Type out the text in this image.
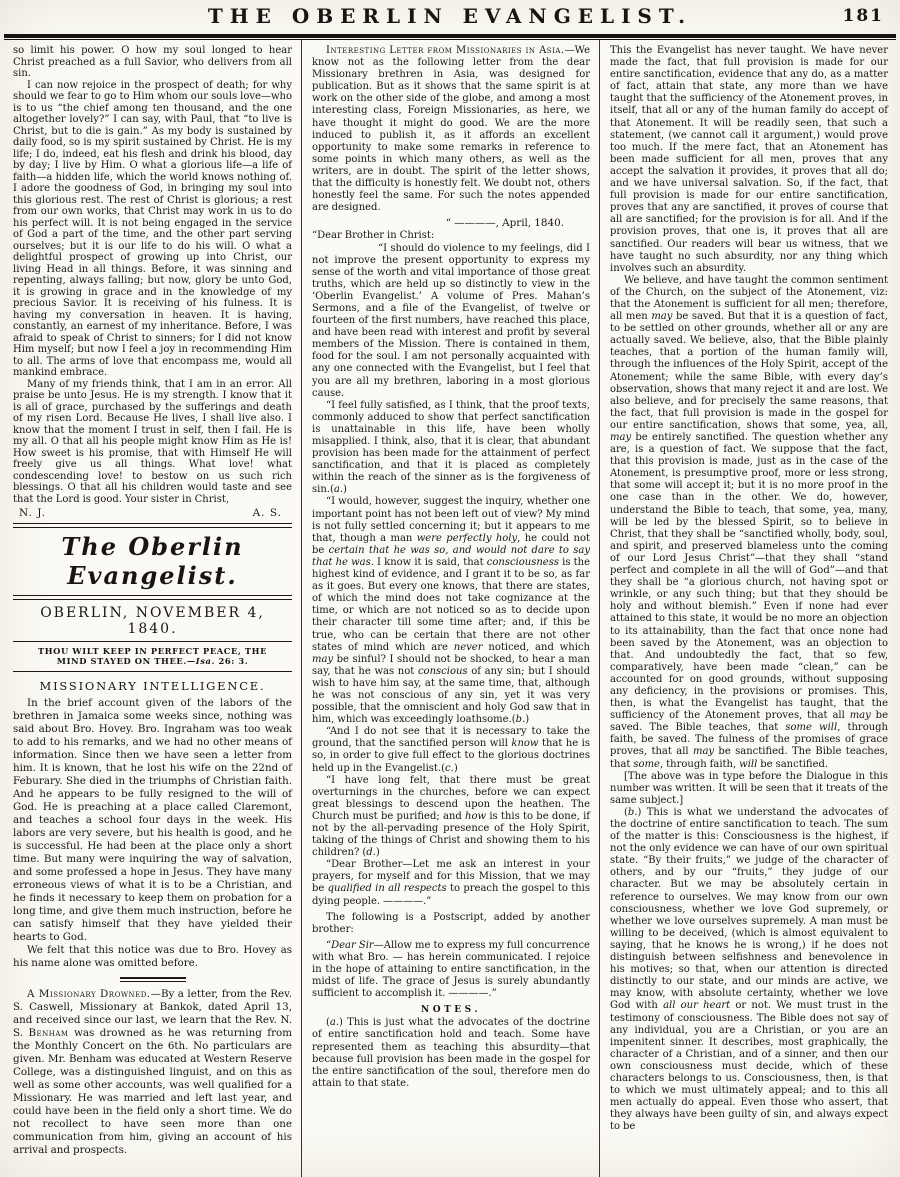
THE OBERLIN EVANGELIST.	181

so limit his power. O how my soul longed to hear Christ preached as a full Savior, who delivers from all sin.

I can now rejoice in the prospect of death; for why should we fear to go to Him whom our souls love—who is to us “the chief among ten thousand, and the one altogether lovely?” I can say, with Paul, that “to live is Christ, but to die is gain.” As my body is sustained by daily food, so is my spirit sustained by Christ. He is my life; I do, indeed, eat his flesh and drink his blood, day by day; I live by Him. O what a glorious life—a life of faith—a hidden life, which the world knows nothing of. I adore the goodness of God, in bringing my soul into this glorious rest. The rest of Christ is glorious; a rest from our own works, that Christ may work in us to do his perfect will. It is not being engaged in the service of God a part of the time, and the other part serving ourselves; but it is our life to do his will. O what a delightful prospect of growing up into Christ, our living Head in all things. Before, it was sinning and repenting, always falling; but now, glory be unto God, it is growing in grace and in the knowledge of my precious Savior. It is receiving of his fulness. It is having my conversation in heaven. It is having, constantly, an earnest of my inheritance. Before, I was afraid to speak of Christ to sinners; for I did not know Him myself; but now I feel a joy in recommending Him to all. The arms of love that encompass me, would all mankind embrace.

Many of my friends think, that I am in an error. All praise be unto Jesus. He is my strength. I know that it is all of grace, purchased by the sufferings and death of my risen Lord. Because He lives, I shall live also. I know that the moment I trust in self, then I fail. He is my all. O that all his people might know Him as He is! How sweet is his promise, that with Himself He will freely give us all things. What love! what condescending love! to bestow on us such rich blessings. O that all his children would taste and see that the Lord is good. Your sister in Christ,

N. J.	A. S.
The Oberlin Evangelist.
OBERLIN, NOVEMBER 4, 1840.
THOU WILT KEEP IN PERFECT PEACE, THE MIND STAYED ON THEE.—Isa. 26: 3.
MISSIONARY INTELLIGENCE.

In the brief account given of the labors of the brethren in Jamaica some weeks since, nothing was said about Bro. Hovey. Bro. Ingraham was too weak to add to his remarks, and we had no other means of information. Since then we have seen a letter from him. It is known, that he lost his wife on the 22nd of Feburary. She died in the triumphs of Christian faith. And he appears to be fully resigned to the will of God. He is preaching at a place called Claremont, and teaches a school four days in the week. His labors are very severe, but his health is good, and he is successful. He had been at the place only a short time. But many were inquiring the way of salvation, and some professed a hope in Jesus. They have many erroneous views of what it is to be a Christian, and he finds it necessary to keep them on probation for a long time, and give them much instruction, before he can satisfy himself that they have yielded their hearts to God.

We felt that this notice was due to Bro. Hovey as his name alone was omitted before.

A Missionary Drowned.—By a letter, from the Rev. S. Caswell, Missionary at Bankok, dated April 13, and received since our last, we learn that the Rev. N. S. Benham was drowned as he was returning from the Monthly Concert on the 6th. No particulars are given. Mr. Benham was educated at Western Reserve College, was a distinguished linguist, and on this as well as some other accounts, was well qualified for a Missionary. He was married and left last year, and could have been in the field only a short time. We do not recollect to have seen more than one communication from him, giving an account of his arrival and prospects.

Interesting Letter from Missionaries in Asia.—We know not as the following letter from the dear Missionary brethren in Asia, was designed for publication. But as it shows that the same spirit is at work on the other side of the globe, and among a most interesting class, Foreign Missionaries, as here, we have thought it might do good. We are the more induced to publish it, as it affords an excellent opportunity to make some remarks in reference to some points in which many others, as well as the writers, are in doubt. The spirit of the letter shows, that the difficulty is honestly felt. We doubt not, others honestly feel the same. For such the notes appended are designed.

“ ————, April, 1840.

“Dear Brother in Christ:

“I should do violence to my feelings, did I not improve the present opportunity to express my sense of the worth and vital importance of those great truths, which are held up so distinctly to view in the ‘Oberlin Evangelist.’ A volume of Pres. Mahan’s Sermons, and a file of the Evangelist, of twelve or fourteen of the first numbers, have reached this place, and have been read with interest and profit by several members of the Mission. There is contained in them, food for the soul. I am not personally acquainted with any one connected with the Evangelist, but I feel that you are all my brethren, laboring in a most glorious cause.

“I feel fully satisfied, as I think, that the proof texts, commonly adduced to show that perfect sanctification is unattainable in this life, have been wholly misapplied. I think, also, that it is clear, that abundant provision has been made for the attainment of perfect sanctification, and that it is placed as completely within the reach of the sinner as is the forgiveness of sin.(a.)

“I would, however, suggest the inquiry, whether one important point has not been left out of view? My mind is not fully settled concerning it; but it appears to me that, though a man were perfectly holy, he could not be certain that he was so, and would not dare to say that he was. I know it is said, that consciousness is the highest kind of evidence, and I grant it to be so, as far as it goes. But every one knows, that there are states, of which the mind does not take cognizance at the time, or which are not noticed so as to decide upon their character till some time after; and, if this be true, who can be certain that there are not other states of mind which are never noticed, and which may be sinful? I should not be shocked, to hear a man say, that he was not conscious of any sin; but I should wish to have him say, at the same time, that, although he was not conscious of any sin, yet it was very possible, that the omniscient and holy God saw that in him, which was exceedingly loathsome.(b.)

“And I do not see that it is necessary to take the ground, that the sanctified person will know that he is so, in order to give full effect to the glorious doctrines held up in the Evangelist.(c.)

“I have long felt, that there must be great overturnings in the churches, before we can expect great blessings to descend upon the heathen. The Church must be purified; and how is this to be done, if not by the all-pervading presence of the Holy Spirit, taking of the things of Christ and showing them to his children? (d.)

“Dear Brother—Let me ask an interest in your prayers, for myself and for this Mission, that we may be qualified in all respects to preach the gospel to this dying people. ————.”

The following is a Postscript, added by another brother:

“Dear Sir—Allow me to express my full concurrence with what Bro. — has herein communicated. I rejoice in the hope of attaining to entire sanctification, in the midst of life. The grace of Jesus is surely abundantly sufficient to accomplish it. ————.”

NOTES.

(a.) This is just what the advocates of the doctrine of entire sanctification hold and teach. Some have represented them as teaching this absurdity—that because full provision has been made in the gospel for the entire sanctification of the soul, therefore men do attain to that state.

This the Evangelist has never taught. We have never made the fact, that full provision is made for our entire sanctification, evidence that any do, as a matter of fact, attain that state, any more than we have taught that the sufficiency of the Atonement proves, in itself, that all or any of the human family do accept of that Atonement. It will be readily seen, that such a statement, (we cannot call it argument,) would prove too much. If the mere fact, that an Atonement has been made sufficient for all men, proves that any accept the salvation it provides, it proves that all do; and we have universal salvation. So, if the fact, that full provision is made for our entire sanctification, proves that any are sanctified, it proves of course that all are sanctified; for the provision is for all. And if the provision proves, that one is, it proves that all are sanctified. Our readers will bear us witness, that we have taught no such absurdity, nor any thing which involves such an absurdity.

We believe, and have taught the common sentiment of the Church, on the subject of the Atonement, viz: that the Atonement is sufficient for all men; therefore, all men may be saved. But that it is a question of fact, to be settled on other grounds, whether all or any are actually saved. We believe, also, that the Bible plainly teaches, that a portion of the human family will, through the influences of the Holy Spirit, accept of the Atonement; while the same Bible, with every day’s observation, shows that many reject it and are lost. We also believe, and for precisely the same reasons, that the fact, that full provision is made in the gospel for our entire sanctification, shows that some, yea, all, may be entirely sanctified. The question whether any are, is a question of fact. We suppose that the fact, that this provision is made, just as in the case of the Atonement, is presumptive proof, more or less strong, that some will accept it; but it is no more proof in the one case than in the other. We do, however, understand the Bible to teach, that some, yea, many, will be led by the blessed Spirit, so to believe in Christ, that they shall be “sanctified wholly, body, soul, and spirit, and preserved blameless unto the coming of our Lord Jesus Christ”—that they shall “stand perfect and complete in all the will of God”—and that they shall be “a glorious church, not having spot or wrinkle, or any such thing; but that they should be holy and without blemish.” Even if none had ever attained to this state, it would be no more an objection to its attainability, than the fact that once none had been saved by the Atonement, was an objection to that. And undoubtedly the fact, that so few, comparatively, have been made “clean,” can be accounted for on good grounds, without supposing any deficiency, in the provisions or promises. This, then, is what the Evangelist has taught, that the sufficiency of the Atonement proves, that all may be saved. The Bible teaches, that some will, through faith, be saved. The fulness of the promises of grace proves, that all may be sanctified. The Bible teaches, that some, through faith, will be sanctified.

[The above was in type before the Dialogue in this number was written. It will be seen that it treats of the same subject.]

(b.) This is what we understand the advocates of the doctrine of entire sanctification to teach. The sum of the matter is this: Consciousness is the highest, if not the only evidence we can have of our own spiritual state. “By their fruits,” we judge of the character of others, and by our “fruits,” they judge of our character. But we may be absolutely certain in reference to ourselves. We may know from our own consciousness, whether we love God supremely, or whether we love ourselves supremely. A man must be willing to be deceived, (which is almost equivalent to saying, that he knows he is wrong,) if he does not distinguish between selfishness and benevolence in his motives; so that, when our attention is directed distinctly to our state, and our minds are active, we may know, with absolute certainty, whether we love God with all our heart or not. We must trust in the testimony of consciousness. The Bible does not say of any individual, you are a Christian, or you are an impenitent sinner. It describes, most graphically, the character of a Christian, and of a sinner, and then our own consciousness must decide, which of these characters belongs to us. Consciousness, then, is that to which we must ultimately appeal; and to this all men actually do appeal. Even those who assert, that they always have been guilty of sin, and always expect to be
